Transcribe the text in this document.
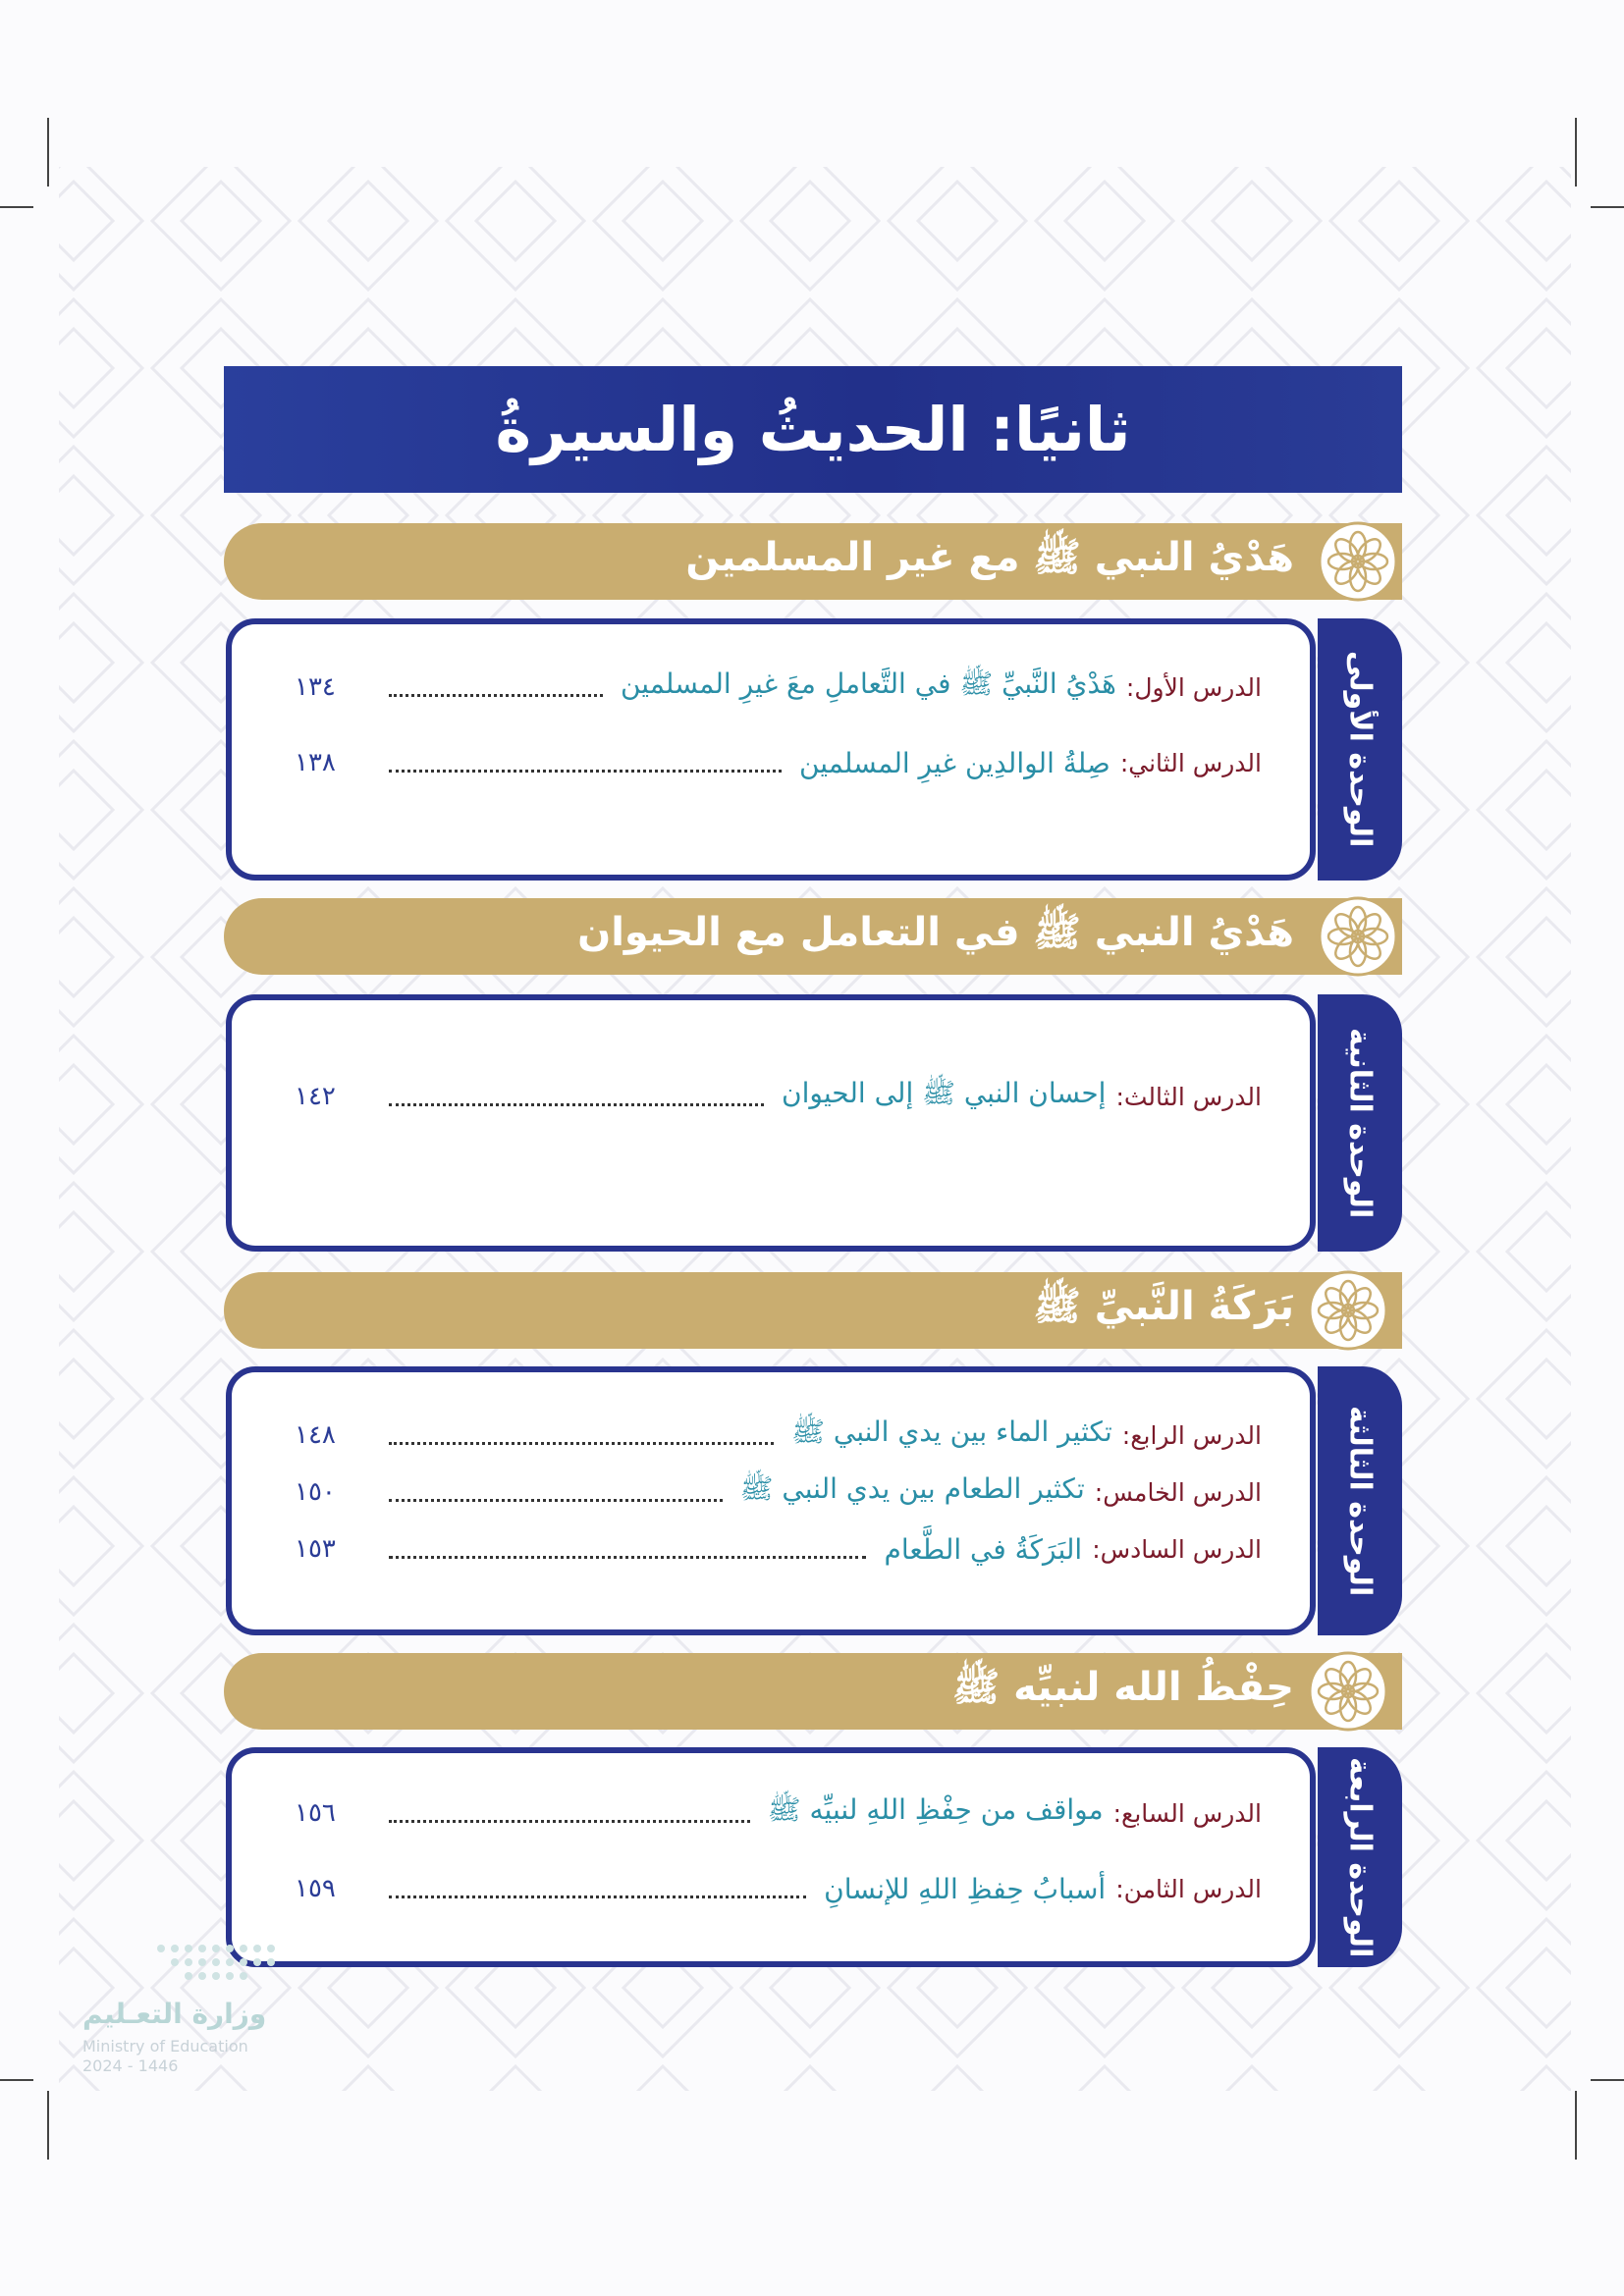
ثانيًا: الحديثُ والسيرةُ
هَدْيُ النبي ﷺ مع غير المسلمين
الوحدة الأولى
الدرس الأول:
هَدْيُ النَّبيِّ ﷺ في التَّعاملِ معَ غيرِ المسلمين
١٣٤
الدرس الثاني:
صِلةُ الوالدِين غيرِ المسلمين
١٣٨
هَدْيُ النبي ﷺ في التعامل مع الحيوان
الوحدة الثانية
الدرس الثالث:
إحسان النبي ﷺ إلى الحيوان
١٤٢
بَرَكَةُ النَّبيِّ ﷺ
الوحدة الثالثة
الدرس الرابع:
تكثير الماء بين يدي النبي ﷺ
١٤٨
الدرس الخامس:
تكثير الطعام بين يدي النبي ﷺ
١٥٠
الدرس السادس:
البَرَكَةُ في الطَّعام
١٥٣
حِفْظُ الله لنبيِّه ﷺ
الوحدة الرابعة
الدرس السابع:
مواقف من حِفْظِ اللهِ لنبيِّه ﷺ
١٥٦
الدرس الثامن:
أسبابُ حِفظِ اللهِ للإنسانِ
١٥٩
وزارة التعـليم
Ministry of Education
2024 - 1446
